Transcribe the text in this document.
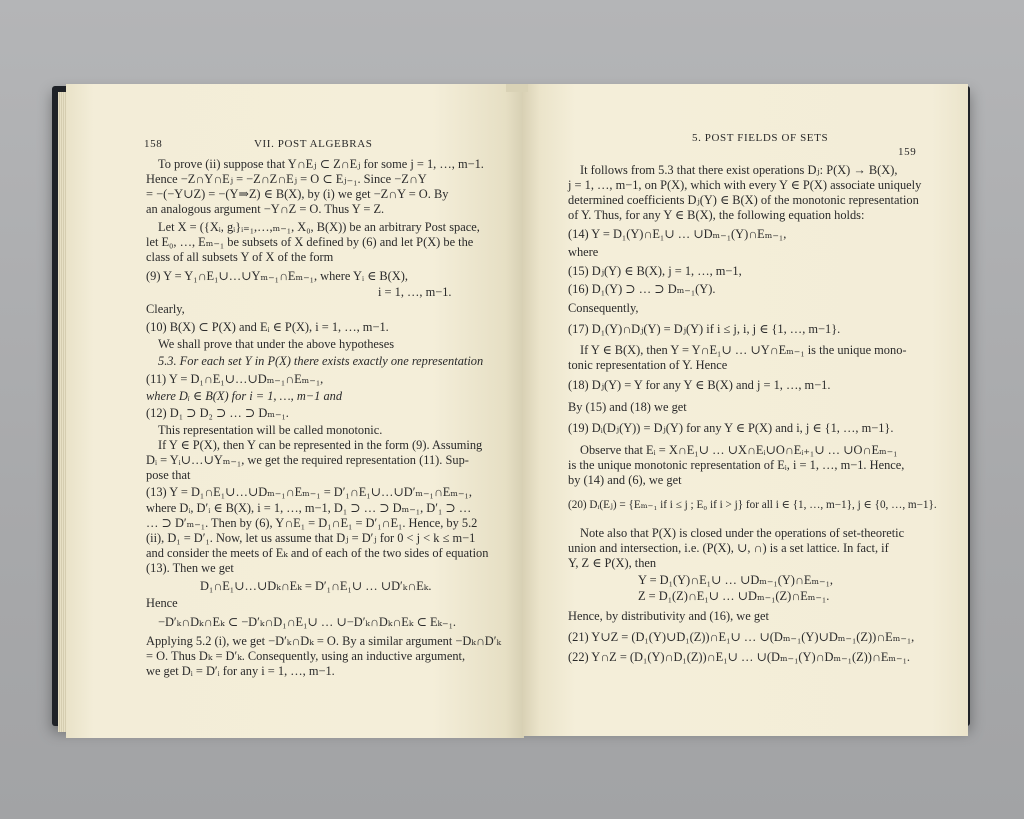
158	VII. POST ALGEBRAS
To prove (ii) suppose that Y∩Eⱼ ⊂ Z∩Eⱼ for some j = 1, …, m−1.
Hence −Z∩Y∩Eⱼ = −Z∩Z∩Eⱼ = O ⊂ Eⱼ₋₁. Since −Z∩Y
= −(−Y∪Z) = −(Y⇒Z) ∈ B(X), by (i) we get −Z∩Y = O. By
an analogous argument −Y∩Z = O. Thus Y = Z.
Let X = ({Xᵢ, gᵢ}ᵢ₌₁,…,ₘ₋₁, X₀, B(X)) be an arbitrary Post space,
let E₀, …, Eₘ₋₁ be subsets of X defined by (6) and let P(X) be the
class of all subsets Y of X of the form
(9) Y = Y₁∩E₁∪…∪Yₘ₋₁∩Eₘ₋₁, where Yᵢ ∈ B(X),
i = 1, …, m−1.
Clearly,
(10) B(X) ⊂ P(X) and Eᵢ ∈ P(X), i = 1, …, m−1.
We shall prove that under the above hypotheses
5.3. For each set Y in P(X) there exists exactly one representation
(11) Y = D₁∩E₁∪…∪Dₘ₋₁∩Eₘ₋₁,
where Dᵢ ∈ B(X) for i = 1, …, m−1 and
(12) D₁ ⊃ D₂ ⊃ … ⊃ Dₘ₋₁.
This representation will be called monotonic.
If Y ∈ P(X), then Y can be represented in the form (9). Assuming
Dᵢ = Yᵢ∪…∪Yₘ₋₁, we get the required representation (11). Sup-
pose that
(13) Y = D₁∩E₁∪…∪Dₘ₋₁∩Eₘ₋₁ = D′₁∩E₁∪…∪D′ₘ₋₁∩Eₘ₋₁,
where Dᵢ, D′ᵢ ∈ B(X), i = 1, …, m−1, D₁ ⊃ … ⊃ Dₘ₋₁, D′₁ ⊃ …
… ⊃ D′ₘ₋₁. Then by (6), Y∩E₁ = D₁∩E₁ = D′₁∩E₁. Hence, by 5.2
(ii), D₁ = D′₁. Now, let us assume that Dⱼ = D′ⱼ for 0 < j < k ≤ m−1
and consider the meets of Eₖ and of each of the two sides of equation
(13). Then we get
D₁∩E₁∪…∪Dₖ∩Eₖ = D′₁∩E₁∪ … ∪D′ₖ∩Eₖ.
Hence
−D′ₖ∩Dₖ∩Eₖ ⊂ −D′ₖ∩D₁∩E₁∪ … ∪−D′ₖ∩Dₖ∩Eₖ ⊂ Eₖ₋₁.
Applying 5.2 (i), we get −D′ₖ∩Dₖ = O. By a similar argument −Dₖ∩D′ₖ
= O. Thus Dₖ = D′ₖ. Consequently, using an inductive argument,
we get Dᵢ = D′ᵢ for any i = 1, …, m−1.
5. POST FIELDS OF SETS
159
It follows from 5.3 that there exist operations Dⱼ: P(X) → B(X),
j = 1, …, m−1, on P(X), which with every Y ∈ P(X) associate uniquely
determined coefficients Dⱼ(Y) ∈ B(X) of the monotonic representation
of Y. Thus, for any Y ∈ B(X), the following equation holds:
(14) Y = D₁(Y)∩E₁∪ … ∪Dₘ₋₁(Y)∩Eₘ₋₁,
where
(15) Dⱼ(Y) ∈ B(X), j = 1, …, m−1,
(16) D₁(Y) ⊃ … ⊃ Dₘ₋₁(Y).
Consequently,
(17) D₁(Y)∩Dⱼ(Y) = Dⱼ(Y) if i ≤ j, i, j ∈ {1, …, m−1}.
If Y ∈ B(X), then Y = Y∩E₁∪ … ∪Y∩Eₘ₋₁ is the unique mono-
tonic representation of Y. Hence
(18) Dⱼ(Y) = Y for any Y ∈ B(X) and j = 1, …, m−1.
By (15) and (18) we get
(19) Dᵢ(Dⱼ(Y)) = Dⱼ(Y) for any Y ∈ P(X) and i, j ∈ {1, …, m−1}.
Observe that Eᵢ = X∩E₁∪ … ∪X∩Eᵢ∪O∩Eᵢ₊₁∪ … ∪O∩Eₘ₋₁
is the unique monotonic representation of Eᵢ, i = 1, …, m−1. Hence,
by (14) and (6), we get
(20) Dᵢ(Eⱼ) = {Eₘ₋₁ if i ≤ j ; E₀ if i > j} for all i ∈ {1, …, m−1}, j ∈ {0, …, m−1}.
Note also that P(X) is closed under the operations of set-theoretic
union and intersection, i.e. (P(X), ∪, ∩) is a set lattice. In fact, if
Y, Z ∈ P(X), then
Y = D₁(Y)∩E₁∪ … ∪Dₘ₋₁(Y)∩Eₘ₋₁,
Z = D₁(Z)∩E₁∪ … ∪Dₘ₋₁(Z)∩Eₘ₋₁.
Hence, by distributivity and (16), we get
(21) Y∪Z = (D₁(Y)∪D₁(Z))∩E₁∪ … ∪(Dₘ₋₁(Y)∪Dₘ₋₁(Z))∩Eₘ₋₁,
(22) Y∩Z = (D₁(Y)∩D₁(Z))∩E₁∪ … ∪(Dₘ₋₁(Y)∩Dₘ₋₁(Z))∩Eₘ₋₁.
